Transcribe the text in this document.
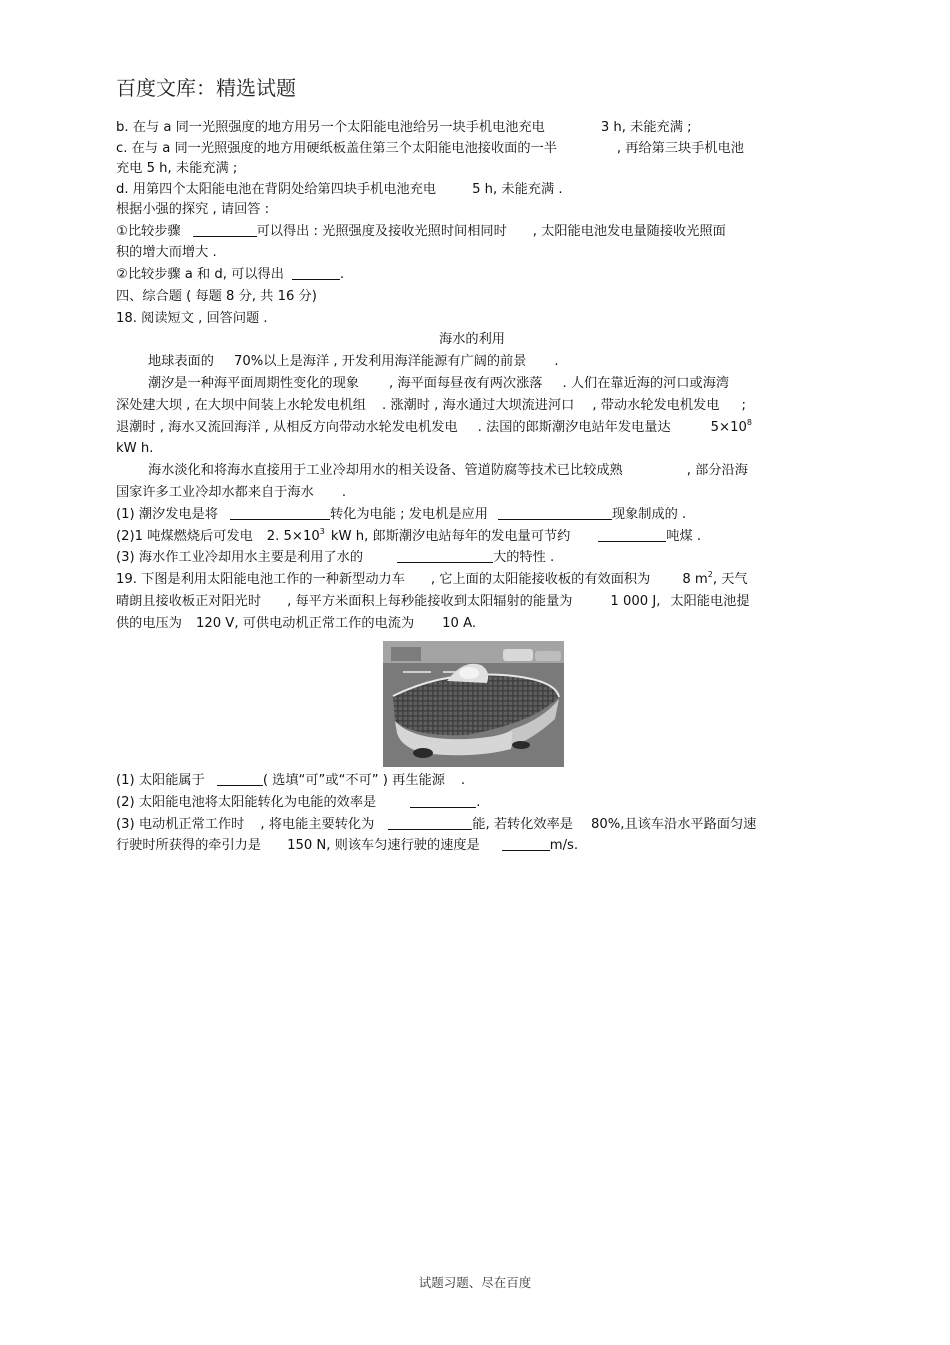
百度文库：精选试题
b. 在与 a 同一光照强度的地方用另一个太阳能电池给另一块手机电池充电	3 h, 未能充满 ;
c. 在与 a 同一光照强度的地方用硬纸板盖住第三个太阳能电池接收面的一半	, 再给第三块手机电池
充电 5 h, 未能充满 ;
d. 用第四个太阳能电池在背阴处给第四块手机电池充电	5 h, 未能充满 .
根据小强的探究 , 请回答 :
①比较步骤	可以得出 : 光照强度及接收光照时间相同时 , 太阳能电池发电量随接收光照面
积的增大而增大 .
②比较步骤 a 和 d, 可以得出	.
四、综合题 ( 每题 8 分, 共 16 分)
18. 阅读短文 , 回答问题 .
海水的利用
地球表面的 70%以上是海洋 , 开发利用海洋能源有广阔的前景 .
潮汐是一种海平面周期性变化的现象 , 海平面每昼夜有两次涨落 . 人们在靠近海的河口或海湾
深处建大坝 , 在大坝中间装上水轮发电机组 . 涨潮时 , 海水通过大坝流进河口 , 带动水轮发电机发电 ;
退潮时 , 海水又流回海洋 , 从相反方向带动水轮发电机发电 . 法国的郎斯潮汐电站年发电量达	$5\times 10^8$
kW h.
海水淡化和将海水直接用于工业冷却用水的相关设备、管道防腐等技术已比较成熟	, 部分沿海
国家许多工业冷却水都来自于海水 .
(1) 潮汐发电是将	转化为电能 ; 发电机是应用	现象制成的 .
(2)1 吨煤燃烧后可发电 2. $5\times 10^3$ kW h, 郎斯潮汐电站每年的发电量可节约	吨煤 .
(3) 海水作工业冷却用水主要是利用了水的	大的特性 .
19. 下图是利用太阳能电池工作的一种新型动力车 , 它上面的太阳能接收板的有效面积为 8 $m^2$, 天气
晴朗且接收板正对阳光时 , 每平方米面积上每秒能接收到太阳辐射的能量为	1 000 J, 太阳能电池提
供的电压为 120 V, 可供电动机正常工作的电流为 10 A.
(1) 太阳能属于	( 选填“可”或“不可” ) 再生能源 .
(2) 太阳能电池将太阳能转化为电能的效率是	.
(3) 电动机正常工作时 , 将电能主要转化为	能, 若转化效率是 80%,且该车沿水平路面匀速
行驶时所获得的牵引力是 150 N, 则该车匀速行驶的速度是	m/s.
试题习题、尽在百度
